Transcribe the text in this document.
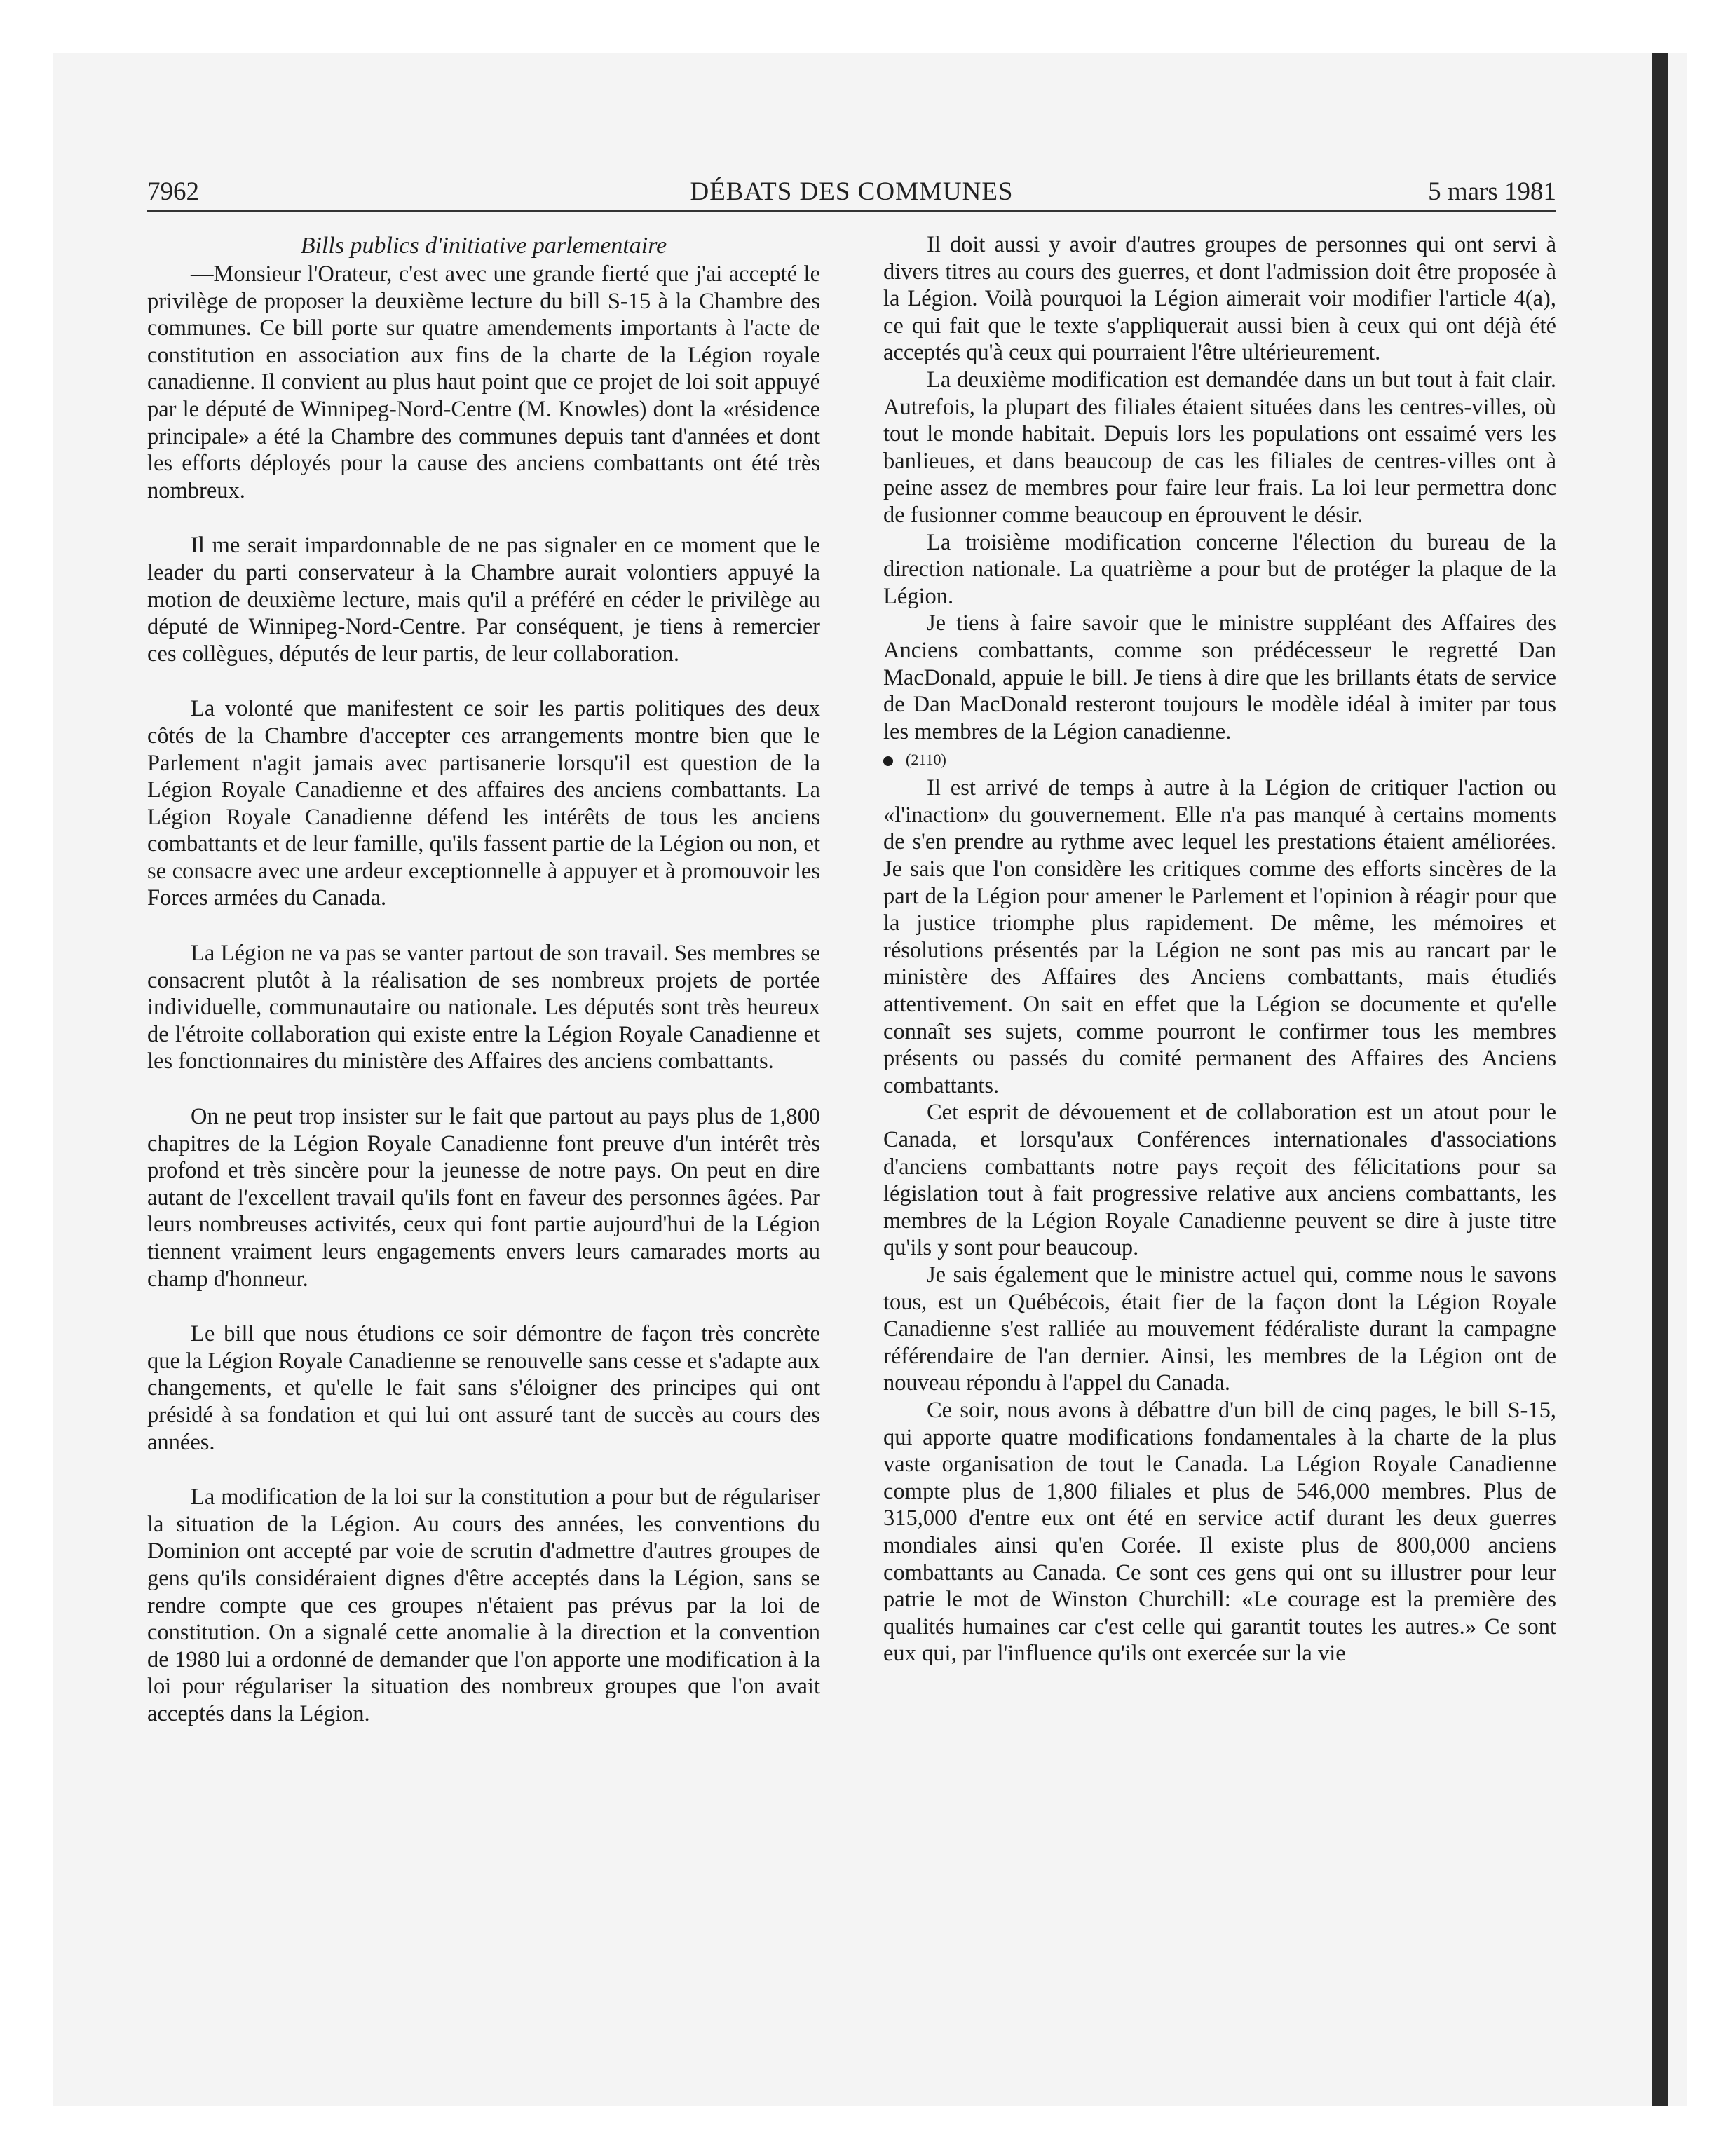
7962	DÉBATS DES COMMUNES	5 mars 1981
Bills publics d'initiative parlementaire

—Monsieur l'Orateur, c'est avec une grande fierté que j'ai accepté le privilège de proposer la deuxième lecture du bill S-15 à la Chambre des communes. Ce bill porte sur quatre amendements importants à l'acte de constitution en association aux fins de la charte de la Légion royale canadienne. Il convient au plus haut point que ce projet de loi soit appuyé par le député de Winnipeg-Nord-Centre (M. Knowles) dont la «résidence principale» a été la Chambre des communes depuis tant d'années et dont les efforts déployés pour la cause des anciens combattants ont été très nombreux.

Il me serait impardonnable de ne pas signaler en ce moment que le leader du parti conservateur à la Chambre aurait volontiers appuyé la motion de deuxième lecture, mais qu'il a préféré en céder le privilège au député de Winnipeg-Nord-Centre. Par conséquent, je tiens à remercier ces collègues, députés de leur partis, de leur collaboration.

La volonté que manifestent ce soir les partis politiques des deux côtés de la Chambre d'accepter ces arrangements montre bien que le Parlement n'agit jamais avec partisanerie lorsqu'il est question de la Légion Royale Canadienne et des affaires des anciens combattants. La Légion Royale Canadienne défend les intérêts de tous les anciens combattants et de leur famille, qu'ils fassent partie de la Légion ou non, et se consacre avec une ardeur exceptionnelle à appuyer et à promouvoir les Forces armées du Canada.

La Légion ne va pas se vanter partout de son travail. Ses membres se consacrent plutôt à la réalisation de ses nombreux projets de portée individuelle, communautaire ou nationale. Les députés sont très heureux de l'étroite collaboration qui existe entre la Légion Royale Canadienne et les fonctionnaires du ministère des Affaires des anciens combattants.

On ne peut trop insister sur le fait que partout au pays plus de 1,800 chapitres de la Légion Royale Canadienne font preuve d'un intérêt très profond et très sincère pour la jeunesse de notre pays. On peut en dire autant de l'excellent travail qu'ils font en faveur des personnes âgées. Par leurs nombreuses activités, ceux qui font partie aujourd'hui de la Légion tiennent vraiment leurs engagements envers leurs camarades morts au champ d'honneur.

Le bill que nous étudions ce soir démontre de façon très concrète que la Légion Royale Canadienne se renouvelle sans cesse et s'adapte aux changements, et qu'elle le fait sans s'éloigner des principes qui ont présidé à sa fondation et qui lui ont assuré tant de succès au cours des années.

La modification de la loi sur la constitution a pour but de régulariser la situation de la Légion. Au cours des années, les conventions du Dominion ont accepté par voie de scrutin d'admettre d'autres groupes de gens qu'ils considéraient dignes d'être acceptés dans la Légion, sans se rendre compte que ces groupes n'étaient pas prévus par la loi de constitution. On a signalé cette anomalie à la direction et la convention de 1980 lui a ordonné de demander que l'on apporte une modification à la loi pour régulariser la situation des nombreux groupes que l'on avait acceptés dans la Légion.

Il doit aussi y avoir d'autres groupes de personnes qui ont servi à divers titres au cours des guerres, et dont l'admission doit être proposée à la Légion. Voilà pourquoi la Légion aimerait voir modifier l'article 4(a), ce qui fait que le texte s'appliquerait aussi bien à ceux qui ont déjà été acceptés qu'à ceux qui pourraient l'être ultérieurement.

La deuxième modification est demandée dans un but tout à fait clair. Autrefois, la plupart des filiales étaient situées dans les centres-villes, où tout le monde habitait. Depuis lors les populations ont essaimé vers les banlieues, et dans beaucoup de cas les filiales de centres-villes ont à peine assez de membres pour faire leur frais. La loi leur permettra donc de fusionner comme beaucoup en éprouvent le désir.

La troisième modification concerne l'élection du bureau de la direction nationale. La quatrième a pour but de protéger la plaque de la Légion.

Je tiens à faire savoir que le ministre suppléant des Affaires des Anciens combattants, comme son prédécesseur le regretté Dan MacDonald, appuie le bill. Je tiens à dire que les brillants états de service de Dan MacDonald resteront toujours le modèle idéal à imiter par tous les membres de la Légion canadienne.

(2110)

Il est arrivé de temps à autre à la Légion de critiquer l'action ou «l'inaction» du gouvernement. Elle n'a pas manqué à certains moments de s'en prendre au rythme avec lequel les prestations étaient améliorées. Je sais que l'on considère les critiques comme des efforts sincères de la part de la Légion pour amener le Parlement et l'opinion à réagir pour que la justice triomphe plus rapidement. De même, les mémoires et résolutions présentés par la Légion ne sont pas mis au rancart par le ministère des Affaires des Anciens combattants, mais étudiés attentivement. On sait en effet que la Légion se documente et qu'elle connaît ses sujets, comme pourront le confirmer tous les membres présents ou passés du comité permanent des Affaires des Anciens combattants.

Cet esprit de dévouement et de collaboration est un atout pour le Canada, et lorsqu'aux Conférences internationales d'associations d'anciens combattants notre pays reçoit des félicitations pour sa législation tout à fait progressive relative aux anciens combattants, les membres de la Légion Royale Canadienne peuvent se dire à juste titre qu'ils y sont pour beaucoup.

Je sais également que le ministre actuel qui, comme nous le savons tous, est un Québécois, était fier de la façon dont la Légion Royale Canadienne s'est ralliée au mouvement fédéraliste durant la campagne référendaire de l'an dernier. Ainsi, les membres de la Légion ont de nouveau répondu à l'appel du Canada.

Ce soir, nous avons à débattre d'un bill de cinq pages, le bill S-15, qui apporte quatre modifications fondamentales à la charte de la plus vaste organisation de tout le Canada. La Légion Royale Canadienne compte plus de 1,800 filiales et plus de 546,000 membres. Plus de 315,000 d'entre eux ont été en service actif durant les deux guerres mondiales ainsi qu'en Corée. Il existe plus de 800,000 anciens combattants au Canada. Ce sont ces gens qui ont su illustrer pour leur patrie le mot de Winston Churchill: «Le courage est la première des qualités humaines car c'est celle qui garantit toutes les autres.» Ce sont eux qui, par l'influence qu'ils ont exercée sur la vie
